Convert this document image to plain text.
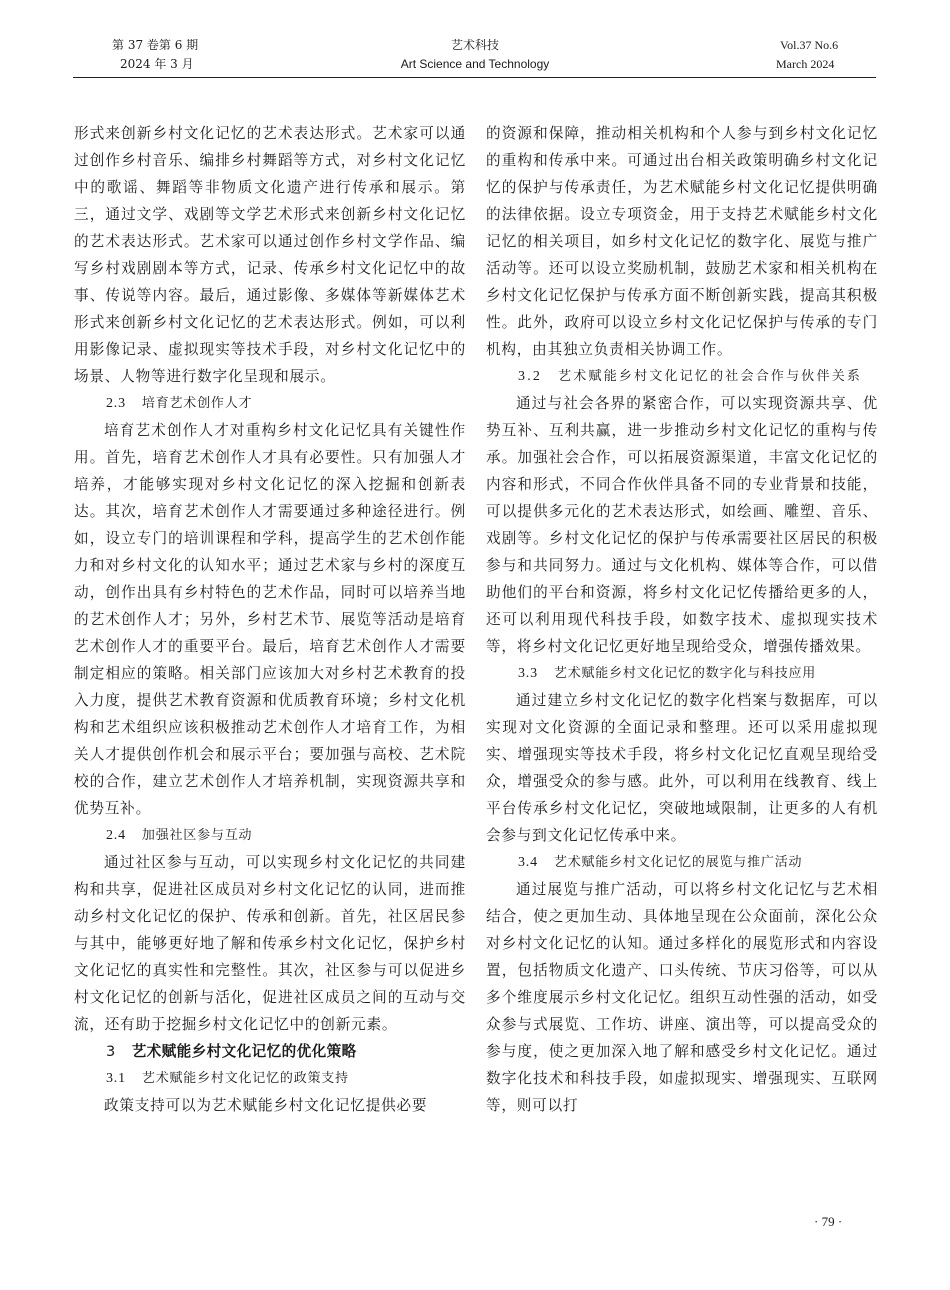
第 37 卷第 6 期
2024 年 3 月
艺术科技
Art Science and Technology
Vol.37 No.6
March 2024

形式来创新乡村文化记忆的艺术表达形式。艺术家可以通过创作乡村音乐、编排乡村舞蹈等方式，对乡村文化记忆中的歌谣、舞蹈等非物质文化遗产进行传承和展示。第三，通过文学、戏剧等文学艺术形式来创新乡村文化记忆的艺术表达形式。艺术家可以通过创作乡村文学作品、编写乡村戏剧剧本等方式，记录、传承乡村文化记忆中的故事、传说等内容。最后，通过影像、多媒体等新媒体艺术形式来创新乡村文化记忆的艺术表达形式。例如，可以利用影像记录、虚拟现实等技术手段，对乡村文化记忆中的场景、人物等进行数字化呈现和展示。

2.3 培育艺术创作人才

培育艺术创作人才对重构乡村文化记忆具有关键性作用。首先，培育艺术创作人才具有必要性。只有加强人才培养，才能够实现对乡村文化记忆的深入挖掘和创新表达。其次，培育艺术创作人才需要通过多种途径进行。例如，设立专门的培训课程和学科，提高学生的艺术创作能力和对乡村文化的认知水平；通过艺术家与乡村的深度互动，创作出具有乡村特色的艺术作品，同时可以培养当地的艺术创作人才；另外，乡村艺术节、展览等活动是培育艺术创作人才的重要平台。最后，培育艺术创作人才需要制定相应的策略。相关部门应该加大对乡村艺术教育的投入力度，提供艺术教育资源和优质教育环境；乡村文化机构和艺术组织应该积极推动艺术创作人才培育工作，为相关人才提供创作机会和展示平台；要加强与高校、艺术院校的合作，建立艺术创作人才培养机制，实现资源共享和优势互补。

2.4 加强社区参与互动

通过社区参与互动，可以实现乡村文化记忆的共同建构和共享，促进社区成员对乡村文化记忆的认同，进而推动乡村文化记忆的保护、传承和创新。首先，社区居民参与其中，能够更好地了解和传承乡村文化记忆，保护乡村文化记忆的真实性和完整性。其次，社区参与可以促进乡村文化记忆的创新与活化，促进社区成员之间的互动与交流，还有助于挖掘乡村文化记忆中的创新元素。

3 艺术赋能乡村文化记忆的优化策略

3.1 艺术赋能乡村文化记忆的政策支持

政策支持可以为艺术赋能乡村文化记忆提供必要

的资源和保障，推动相关机构和个人参与到乡村文化记忆的重构和传承中来。可通过出台相关政策明确乡村文化记忆的保护与传承责任，为艺术赋能乡村文化记忆提供明确的法律依据。设立专项资金，用于支持艺术赋能乡村文化记忆的相关项目，如乡村文化记忆的数字化、展览与推广活动等。还可以设立奖励机制，鼓励艺术家和相关机构在乡村文化记忆保护与传承方面不断创新实践，提高其积极性。此外，政府可以设立乡村文化记忆保护与传承的专门机构，由其独立负责相关协调工作。

3.2 艺术赋能乡村文化记忆的社会合作与伙伴关系

通过与社会各界的紧密合作，可以实现资源共享、优势互补、互利共赢，进一步推动乡村文化记忆的重构与传承。加强社会合作，可以拓展资源渠道，丰富文化记忆的内容和形式，不同合作伙伴具备不同的专业背景和技能，可以提供多元化的艺术表达形式，如绘画、雕塑、音乐、戏剧等。乡村文化记忆的保护与传承需要社区居民的积极参与和共同努力。通过与文化机构、媒体等合作，可以借助他们的平台和资源，将乡村文化记忆传播给更多的人，还可以利用现代科技手段，如数字技术、虚拟现实技术等，将乡村文化记忆更好地呈现给受众，增强传播效果。

3.3 艺术赋能乡村文化记忆的数字化与科技应用

通过建立乡村文化记忆的数字化档案与数据库，可以实现对文化资源的全面记录和整理。还可以采用虚拟现实、增强现实等技术手段，将乡村文化记忆直观呈现给受众，增强受众的参与感。此外，可以利用在线教育、线上平台传承乡村文化记忆，突破地域限制，让更多的人有机会参与到文化记忆传承中来。

3.4 艺术赋能乡村文化记忆的展览与推广活动

通过展览与推广活动，可以将乡村文化记忆与艺术相结合，使之更加生动、具体地呈现在公众面前，深化公众对乡村文化记忆的认知。通过多样化的展览形式和内容设置，包括物质文化遗产、口头传统、节庆习俗等，可以从多个维度展示乡村文化记忆。组织互动性强的活动，如受众参与式展览、工作坊、讲座、演出等，可以提高受众的参与度，使之更加深入地了解和感受乡村文化记忆。通过数字化技术和科技手段，如虚拟现实、增强现实、互联网等，则可以打

· 79 ·
